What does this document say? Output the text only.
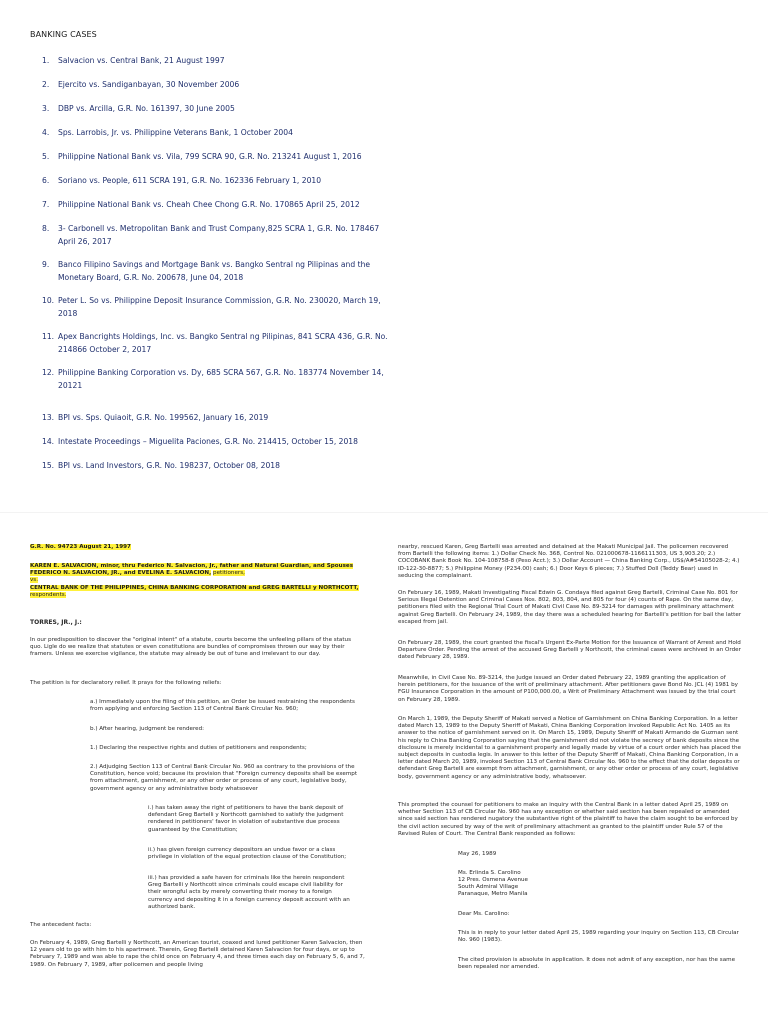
BANKING CASES
1. Salvacion vs. Central Bank, 21 August 1997
2. Ejercito vs. Sandiganbayan, 30 November 2006
3. DBP vs. Arcilla, G.R. No. 161397, 30 June 2005
4. Sps. Larrobis, Jr. vs. Philippine Veterans Bank, 1 October 2004
5. Philippine National Bank vs. Vila, 799 SCRA 90, G.R. No. 213241 August 1, 2016
6. Soriano vs. People, 611 SCRA 191, G.R. No. 162336 February 1, 2010
7. Philippine National Bank vs. Cheah Chee Chong G.R. No. 170865 April 25, 2012
8. 3- Carbonell vs. Metropolitan Bank and Trust Company,825 SCRA 1, G.R. No. 178467 April 26, 2017
9. Banco Filipino Savings and Mortgage Bank vs. Bangko Sentral ng Pilipinas and the Monetary Board, G.R. No. 200678, June 04, 2018
10. Peter L. So vs. Philippine Deposit Insurance Commission, G.R. No. 230020, March 19, 2018
11. Apex Bancrights Holdings, Inc. vs. Bangko Sentral ng Pilipinas, 841 SCRA 436, G.R. No. 214866 October 2, 2017
12. Philippine Banking Corporation vs. Dy, 685 SCRA 567, G.R. No. 183774 November 14, 20121
13. BPI vs. Sps. Quiaoit, G.R. No. 199562, January 16, 2019
14. Intestate Proceedings – Miguelita Paciones, G.R. No. 214415, October 15, 2018
15. BPI vs. Land Investors, G.R. No. 198237, October 08, 2018

G.R. No. 94723 August 21, 1997

KAREN E. SALVACION, minor, thru Federico N. Salvacion, Jr., father and Natural Guardian, and Spouses FEDERICO N. SALVACION, JR., and EVELINA E. SALVACION, petitioners,
vs.
CENTRAL BANK OF THE PHILIPPINES, CHINA BANKING CORPORATION and GREG BARTELLI y NORTHCOTT, respondents.

TORRES, JR., J.:

In our predisposition to discover the "original intent" of a statute, courts become the unfeeling pillars of the status quo. Ligle do we realize that statutes or even constitutions are bundles of compromises thrown our way by their framers. Unless we exercise vigilance, the statute may already be out of tune and irrelevant to our day.

The petition is for declaratory relief. It prays for the following reliefs:

a.) Immediately upon the filing of this petition, an Order be issued restraining the respondents from applying and enforcing Section 113 of Central Bank Circular No. 960;

b.) After hearing, judgment be rendered:

1.) Declaring the respective rights and duties of petitioners and respondents;

2.) Adjudging Section 113 of Central Bank Circular No. 960 as contrary to the provisions of the Constitution, hence void; because its provision that "Foreign currency deposits shall be exempt from attachment, garnishment, or any other order or process of any court, legislative body, government agency or any administrative body whatsoever

i.) has taken away the right of petitioners to have the bank deposit of defendant Greg Bartelli y Northcott garnished to satisfy the judgment rendered in petitioners' favor in violation of substantive due process guaranteed by the Constitution;

ii.) has given foreign currency depositors an undue favor or a class privilege in violation of the equal protection clause of the Constitution;

iii.) has provided a safe haven for criminals like the herein respondent Greg Bartelli y Northcott since criminals could escape civil liability for their wrongful acts by merely converting their money to a foreign currency and depositing it in a foreign currency deposit account with an authorized bank.

The antecedent facts:

On February 4, 1989, Greg Bartelli y Northcott, an American tourist, coaxed and lured petitioner Karen Salvacion, then 12 years old to go with him to his apartment. Therein, Greg Bartelli detained Karen Salvacion for four days, or up to February 7, 1989 and was able to rape the child once on February 4, and three times each day on February 5, 6, and 7, 1989. On February 7, 1989, after policemen and people living

nearby, rescued Karen, Greg Bartelli was arrested and detained at the Makati Municipal Jail. The policemen recovered from Bartelli the following items: 1.) Dollar Check No. 368, Control No. 021000678-1166111303, US 3,903.20; 2.) COCOBANK Bank Book No. 104-108758-8 (Peso Acct.); 3.) Dollar Account — China Banking Corp., US$/A#54105028-2; 4.) ID-122-30-8877; 5.) Philippine Money (P234.00) cash; 6.) Door Keys 6 pieces; 7.) Stuffed Doll (Teddy Bear) used in seducing the complainant.

On February 16, 1989, Makati Investigating Fiscal Edwin G. Condaya filed against Greg Bartelli, Criminal Case No. 801 for Serious Illegal Detention and Criminal Cases Nos. 802, 803, 804, and 805 for four (4) counts of Rape. On the same day, petitioners filed with the Regional Trial Court of Makati Civil Case No. 89-3214 for damages with preliminary attachment against Greg Bartelli. On February 24, 1989, the day there was a scheduled hearing for Bartelli's petition for bail the latter escaped from jail.

On February 28, 1989, the court granted the fiscal's Urgent Ex-Parte Motion for the Issuance of Warrant of Arrest and Hold Departure Order. Pending the arrest of the accused Greg Bartelli y Northcott, the criminal cases were archived in an Order dated February 28, 1989.

Meanwhile, in Civil Case No. 89-3214, the Judge issued an Order dated February 22, 1989 granting the application of herein petitioners, for the issuance of the writ of preliminary attachment. After petitioners gave Bond No. JCL (4) 1981 by FGU Insurance Corporation in the amount of P100,000.00, a Writ of Preliminary Attachment was issued by the trial court on February 28, 1989.

On March 1, 1989, the Deputy Sheriff of Makati served a Notice of Garnishment on China Banking Corporation. In a letter dated March 13, 1989 to the Deputy Sheriff of Makati, China Banking Corporation invoked Republic Act No. 1405 as its answer to the notice of garnishment served on it. On March 15, 1989, Deputy Sheriff of Makati Armando de Guzman sent his reply to China Banking Corporation saying that the garnishment did not violate the secrecy of bank deposits since the disclosure is merely incidental to a garnishment properly and legally made by virtue of a court order which has placed the subject deposits in custodia legis. In answer to this letter of the Deputy Sheriff of Makati, China Banking Corporation, in a letter dated March 20, 1989, invoked Section 113 of Central Bank Circular No. 960 to the effect that the dollar deposits or defendant Greg Bartelli are exempt from attachment, garnishment, or any other order or process of any court, legislative body, government agency or any administrative body, whatsoever.

This prompted the counsel for petitioners to make an inquiry with the Central Bank in a letter dated April 25, 1989 on whether Section 113 of CB Circular No. 960 has any exception or whether said section has been repealed or amended since said section has rendered nugatory the substantive right of the plaintiff to have the claim sought to be enforced by the civil action secured by way of the writ of preliminary attachment as granted to the plaintiff under Rule 57 of the Revised Rules of Court. The Central Bank responded as follows:

May 26, 1989

Ms. Erlinda S. Carolino

12 Pres. Osmena Avenue

South Admiral Village

Paranaque, Metro Manila

Dear Ms. Carolino:

This is in reply to your letter dated April 25, 1989 regarding your inquiry on Section 113, CB Circular No. 960 (1983).

The cited provision is absolute in application. It does not admit of any exception, nor has the same been repealed nor amended.
